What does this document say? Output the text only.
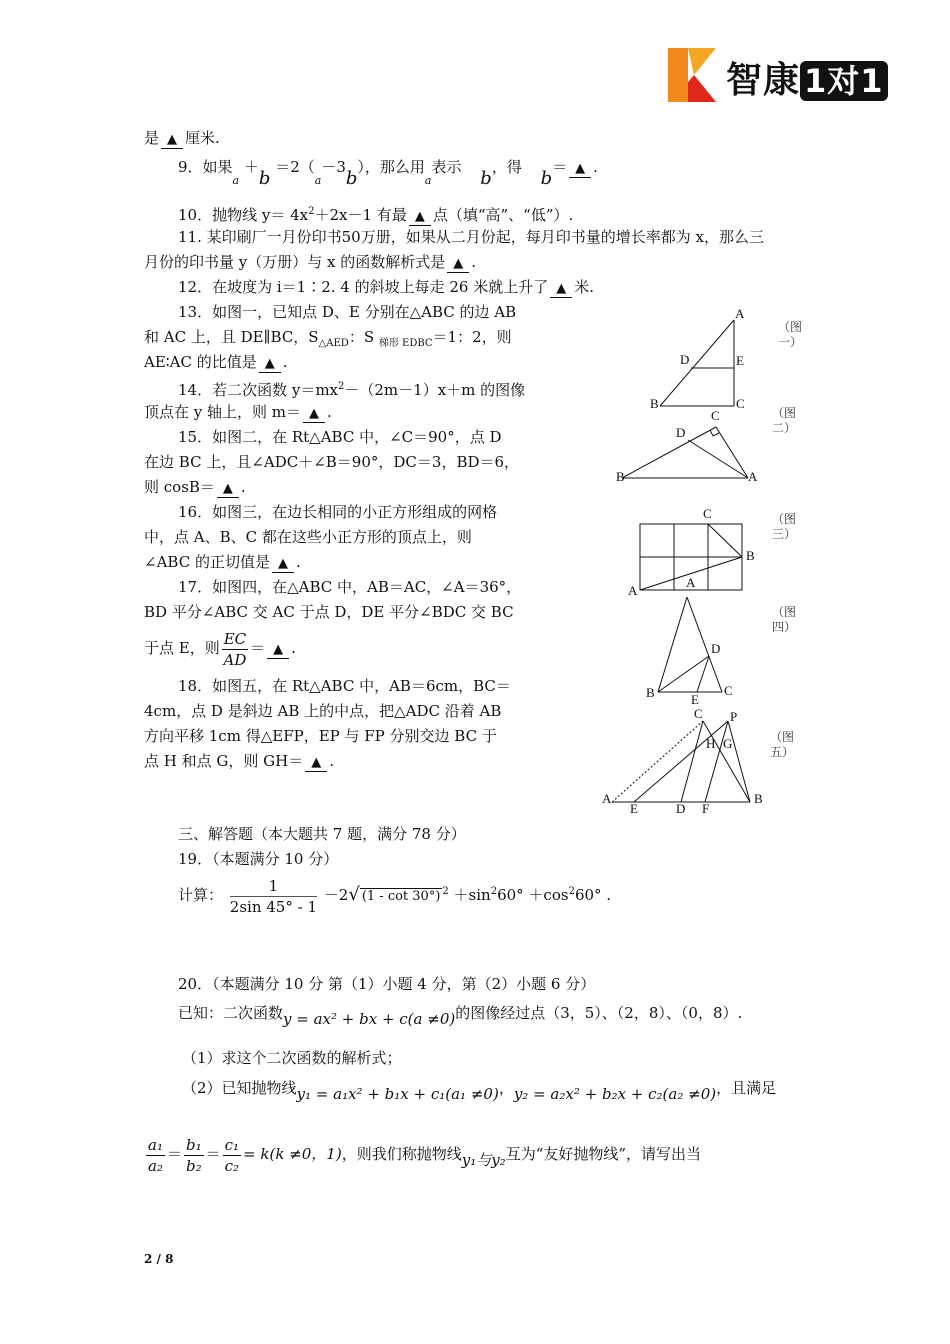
智康 1对1
是 ▲ 厘米.
9．如果$_a +b =2(_a-3b)$，那么用$_a$表示 b，得 b＝ ▲ .
10．抛物线 $y= 4x^2+2x-1$ 有最 ▲ 点（填“高”、“低”）.
11. 某印刷厂一月份印书50万册，如果从二月份起，每月印书量的增长率都为 x，那么三
月份的印书量 y（万册）与 x 的函数解析式是 ▲ .
12．在坡度为 i＝1∶2. 4 的斜坡上每走 26 米就上升了 ▲ 米.
13．如图一，已知点 D、E 分别在△ABC 的边 AB
和 AC 上，且 DE∥BC，$S_{\triangle AED}$：S $_{梯形 EDBC}$＝1：2，则
AE∶AC 的比值是 ▲ .
14．若二次函数 $y=mx^2-(2m-1)x+m$ 的图像
顶点在 y 轴上，则 m＝ ▲ .
15．如图二，在 Rt△ABC 中，∠C＝90°，点 D
在边 BC 上，且∠ADC＋∠B＝90°，DC＝3，BD＝6，
则 cosB＝ ▲ .
16．如图三，在边长相同的小正方形组成的网格
中，点 A、B、C 都在这些小正方形的顶点上，则
∠ABC 的正切值是 ▲ .
17．如图四，在△ABC 中，AB＝AC，∠A＝36°，
BD 平分∠ABC 交 AC 于点 D，DE 平分∠BDC 交 BC
于点 E，则 $\frac{EC}{AD}$ ＝ ▲ .
18．如图五，在 Rt△ABC 中，AB＝6cm，BC＝
4cm，点 D 是斜边 AB 上的中点，把△ADC 沿着 AB
方向平移 1cm 得△EFP，EP 与 FP 分别交边 BC 于
点 H 和点 G，则 GH＝ ▲ .
三、解答题（本大题共 7 题，满分 78 分）
19．（本题满分 10 分）
计算： $\frac{1}{2\sin 45^\circ - 1} -2√$ (1 - cot 30°) $^2 +\sin^260^\circ +\cos^260^\circ$ .
20．（本题满分 10 分 第（1）小题 4 分，第（2）小题 6 分）
已知：二次函数y = ax² + bx + c(a ≠0)的图像经过点（3，5）、（2，8）、（0，8）.
（1）求这个二次函数的解析式；
（2）已知抛物线y₁ = a₁x² + b₁x + c₁(a₁ ≠0)，y₂ = a₂x² + b₂x + c₂(a₂ ≠0)，且满足
$\frac{\text{a₁}}{\text{a₂}} = \frac{\text{b₁}}{\text{b₂}} = \frac{\text{c₁}}{\text{c₂}} = k(k \ne 0$，1)，则我们称抛物线y₁与y₂互为“友好抛物线”，请写出当
A
D	E
B	C
C
D
B	A
C
B
A
A
D
B	E
C
C P
H G
A	B
E	D F
（图一）
（图二）
（图三）
（图四）
（图五）
2 / 8
